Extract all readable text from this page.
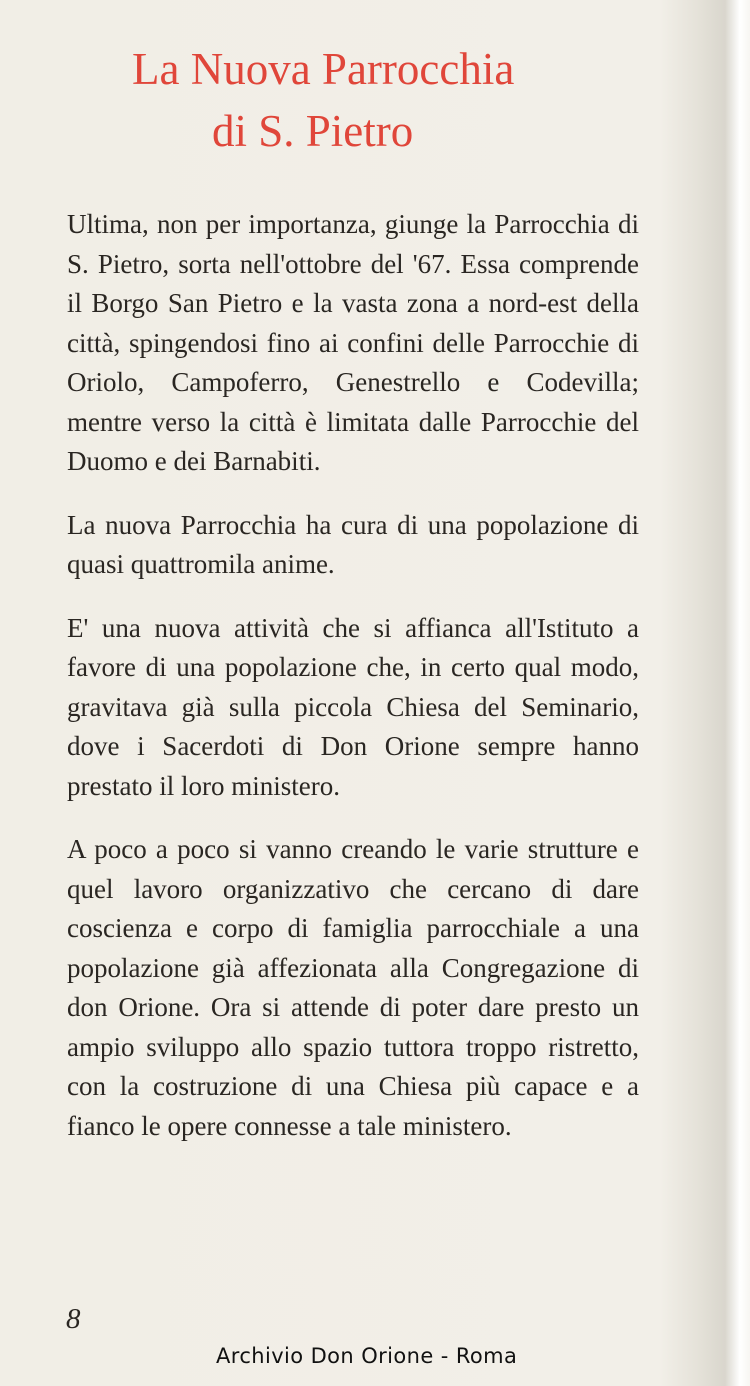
La Nuova Parrocchia
di S. Pietro

Ultima, non per importanza, giunge la Parrocchia di S. Pietro, sorta nell'ottobre del '67. Essa comprende il Borgo San Pietro e la vasta zona a nord-est della città, spingendosi fino ai confini delle Parrocchie di Oriolo, Campoferro, Genestrello e Codevilla; mentre verso la città è limitata dalle Parrocchie del Duomo e dei Barnabiti.

La nuova Parrocchia ha cura di una popolazione di quasi quattromila anime.

E' una nuova attività che si affianca all'Istituto a favore di una popolazione che, in certo qual modo, gravitava già sulla piccola Chiesa del Seminario, dove i Sacerdoti di Don Orione sempre hanno prestato il loro ministero.

A poco a poco si vanno creando le varie strutture e quel lavoro organizzativo che cercano di dare coscienza e corpo di famiglia parrocchiale a una popolazione già affezionata alla Congregazione di don Orione. Ora si attende di poter dare presto un ampio sviluppo allo spazio tuttora troppo ristretto, con la costruzione di una Chiesa più capace e a fianco le opere connesse a tale ministero.

8
Archivio Don Orione - Roma
